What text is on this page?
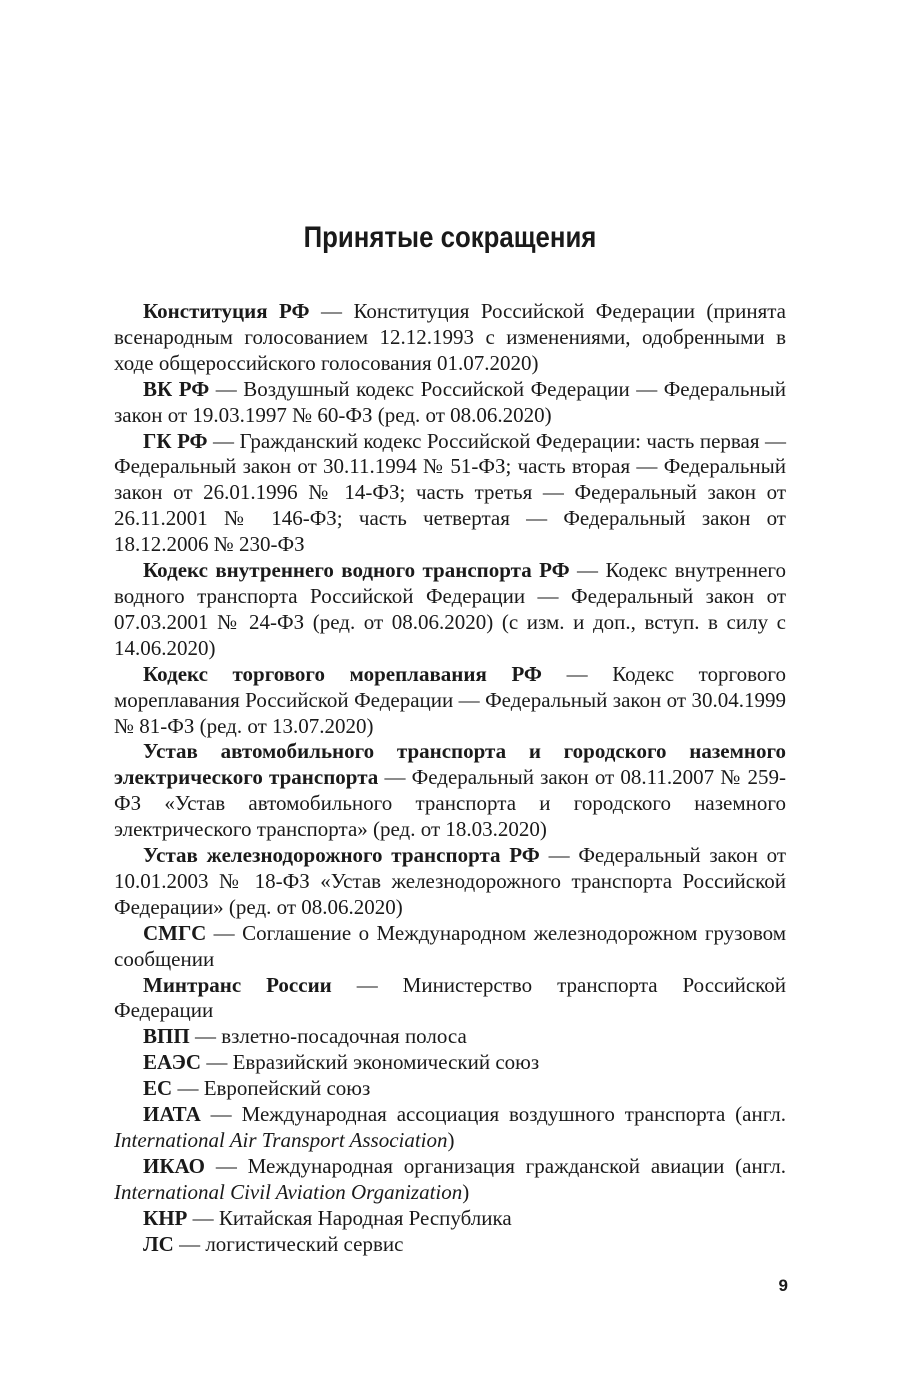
Принятые сокращения

Конституция РФ — Конституция Российской Федерации (принята всенародным голосованием 12.12.1993 с изменениями, одобренными в ходе общероссийского голосования 01.07.2020)

ВК РФ — Воздушный кодекс Российской Федерации — Федеральный закон от 19.03.1997 № 60-ФЗ (ред. от 08.06.2020)

ГК РФ — Гражданский кодекс Российской Федерации: часть первая — Федеральный закон от 30.11.1994 № 51-ФЗ; часть вторая — Федеральный закон от 26.01.1996 № 14-ФЗ; часть третья — Федеральный закон от 26.11.2001 № 146-ФЗ; часть четвертая — Федеральный закон от 18.12.2006 № 230-ФЗ

Кодекс внутреннего водного транспорта РФ — Кодекс внутреннего водного транспорта Российской Федерации — Федеральный закон от 07.03.2001 № 24-ФЗ (ред. от 08.06.2020) (с изм. и доп., вступ. в силу с 14.06.2020)

Кодекс торгового мореплавания РФ — Кодекс торгового мореплавания Российской Федерации — Федеральный закон от 30.04.1999 № 81-ФЗ (ред. от 13.07.2020)

Устав автомобильного транспорта и городского наземного электрического транспорта — Федеральный закон от 08.11.2007 № 259-ФЗ «Устав автомобильного транспорта и городского наземного электрического транспорта» (ред. от 18.03.2020)

Устав железнодорожного транспорта РФ — Федеральный закон от 10.01.2003 № 18-ФЗ «Устав железнодорожного транспорта Российской Федерации» (ред. от 08.06.2020)

СМГС — Соглашение о Международном железнодорожном грузовом сообщении

Минтранс России — Министерство транспорта Российской Федерации

ВПП — взлетно-посадочная полоса

ЕАЭС — Евразийский экономический союз

ЕС — Европейский союз

ИАТА — Международная ассоциация воздушного транспорта (англ. International Air Transport Association)

ИКАО — Международная организация гражданской авиации (англ. International Civil Aviation Organization)

КНР — Китайская Народная Республика

ЛС — логистический сервис

9
